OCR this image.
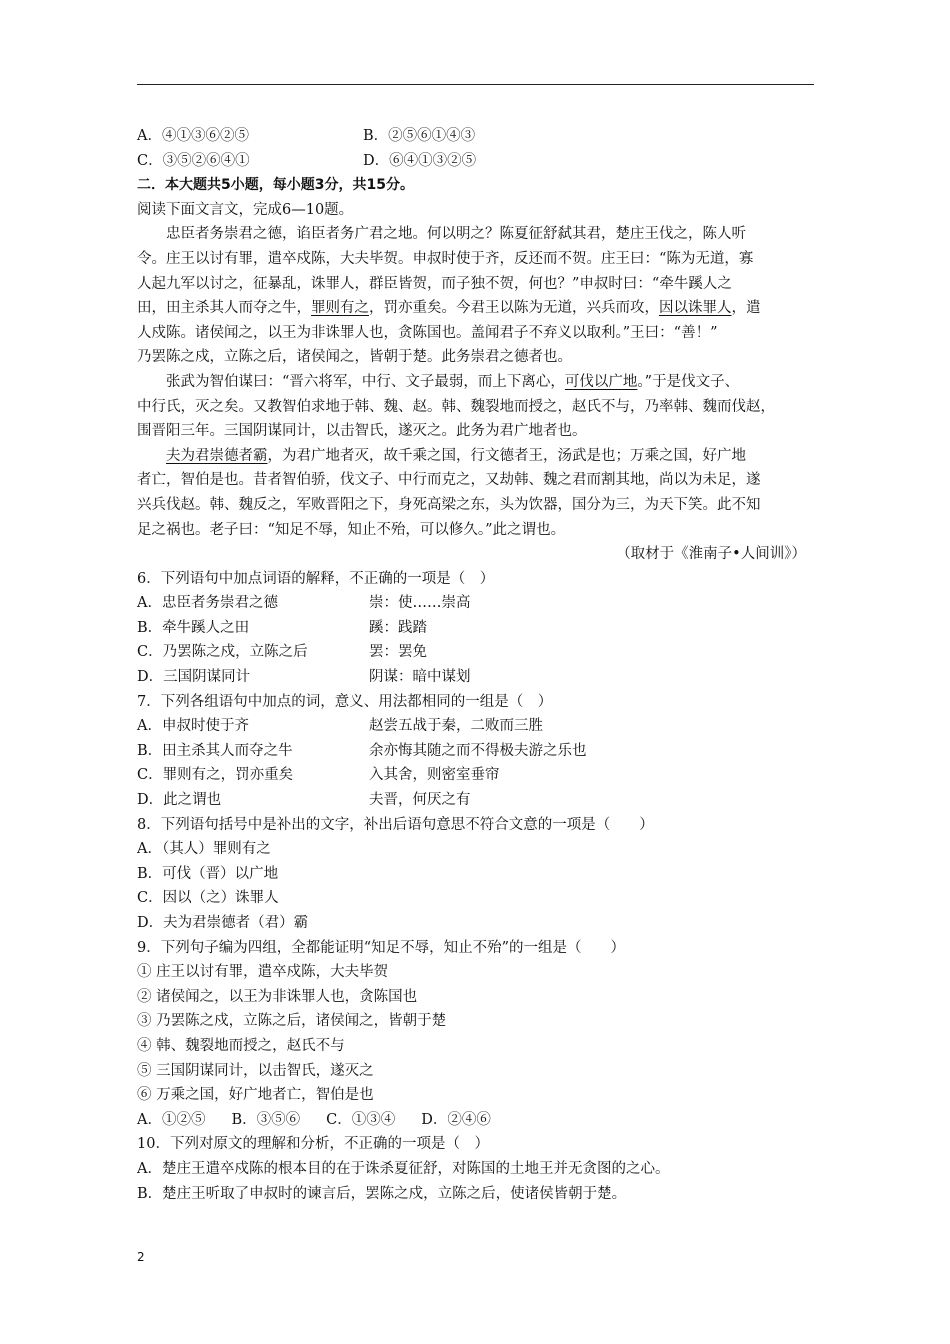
A．④①③⑥②⑤	B．②⑤⑥①④③
C．③⑤②⑥④①	D．⑥④①③②⑤
二．本大题共5小题，每小题3分，共15分。
阅读下面文言文，完成6—10题。
忠臣者务崇君之德，谄臣者务广君之地。何以明之？陈夏征舒弑其君，楚庄王伐之，陈人听
令。庄王以讨有罪，遣卒戍陈，大夫毕贺。申叔时使于齐，反还而不贺。庄王曰：“陈为无道，寡
人起九军以讨之，征暴乱，诛罪人，群臣皆贺，而子独不贺，何也？”申叔时曰：“牵牛蹊人之
田，田主杀其人而夺之牛，罪则有之，罚亦重矣。今君王以陈为无道，兴兵而攻，因以诛罪人，遣
人戍陈。诸侯闻之，以王为非诛罪人也，贪陈国也。盖闻君子不弃义以取利。”王曰：“善！”
乃罢陈之戍，立陈之后，诸侯闻之，皆朝于楚。此务崇君之德者也。
张武为智伯谋曰：“晋六将军，中行、文子最弱，而上下离心，可伐以广地。”于是伐文子、
中行氏，灭之矣。又教智伯求地于韩、魏、赵。韩、魏裂地而授之，赵氏不与，乃率韩、魏而伐赵，
围晋阳三年。三国阴谋同计，以击智氏，遂灭之。此务为君广地者也。
夫为君崇德者霸，为君广地者灭，故千乘之国，行文德者王，汤武是也；万乘之国，好广地
者亡，智伯是也。昔者智伯骄，伐文子、中行而克之，又劫韩、魏之君而割其地，尚以为未足，遂
兴兵伐赵。韩、魏反之，军败晋阳之下，身死高梁之东，头为饮器，国分为三，为天下笑。此不知
足之祸也。老子曰：“知足不辱，知止不殆，可以修久。”此之谓也。
（取材于《淮南子•人间训》）
6．下列语句中加点词语的解释，不正确的一项是（　）
A．忠臣者务崇君之德	崇：使……崇高
B．牵牛蹊人之田	蹊：践踏
C．乃罢陈之戍，立陈之后	罢：罢免
D．三国阴谋同计	阴谋：暗中谋划
7．下列各组语句中加点的词，意义、用法都相同的一组是（　）
A．申叔时使于齐	赵尝五战于秦，二败而三胜
B．田主杀其人而夺之牛	余亦悔其随之而不得极夫游之乐也
C．罪则有之，罚亦重矣	入其舍，则密室垂帘
D．此之谓也	夫晋，何厌之有
8．下列语句括号中是补出的文字，补出后语句意思不符合文意的一项是（　　）
A．（其人）罪则有之
B．可伐（晋）以广地
C．因以（之）诛罪人
D．夫为君崇德者（君）霸
9．下列句子编为四组，全都能证明“知足不辱，知止不殆”的一组是（　　）
① 庄王以讨有罪，遣卒戍陈，大夫毕贺
② 诸侯闻之，以王为非诛罪人也，贪陈国也
③ 乃罢陈之戍，立陈之后，诸侯闻之，皆朝于楚
④ 韩、魏裂地而授之，赵氏不与
⑤ 三国阴谋同计，以击智氏，遂灭之
⑥ 万乘之国，好广地者亡，智伯是也
A．①②⑤ B．③⑤⑥ C．①③④ D．②④⑥
10．下列对原文的理解和分析，不正确的一项是（　）
A．楚庄王遣卒戍陈的根本目的在于诛杀夏征舒，对陈国的土地王并无贪图的之心。
B．楚庄王听取了申叔时的谏言后，罢陈之戍，立陈之后，使诸侯皆朝于楚。
2
